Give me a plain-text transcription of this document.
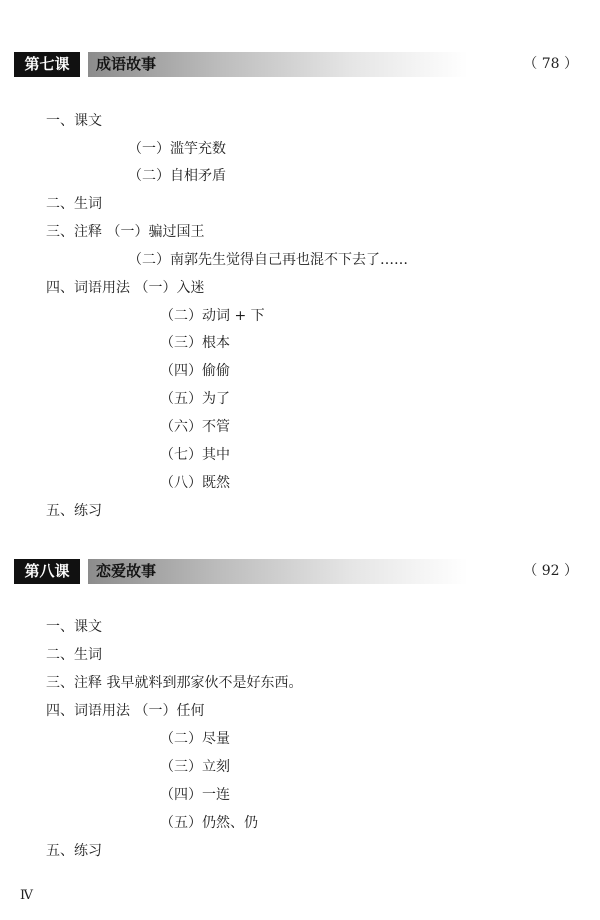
第七课	成语故事	（ 78 ）
一、课文
（一）滥竽充数
（二）自相矛盾
二、生词
三、注释 （一）骗过国王
（二）南郭先生觉得自己再也混不下去了……
四、词语用法 （一）入迷
（二）动词 + 下
（三）根本
（四）偷偷
（五）为了
（六）不管
（七）其中
（八）既然
五、练习
第八课	恋爱故事	（ 92 ）
一、课文
二、生词
三、注释 我早就料到那家伙不是好东西。
四、词语用法 （一）任何
（二）尽量
（三）立刻
（四）一连
（五）仍然、仍
五、练习
Ⅳ
